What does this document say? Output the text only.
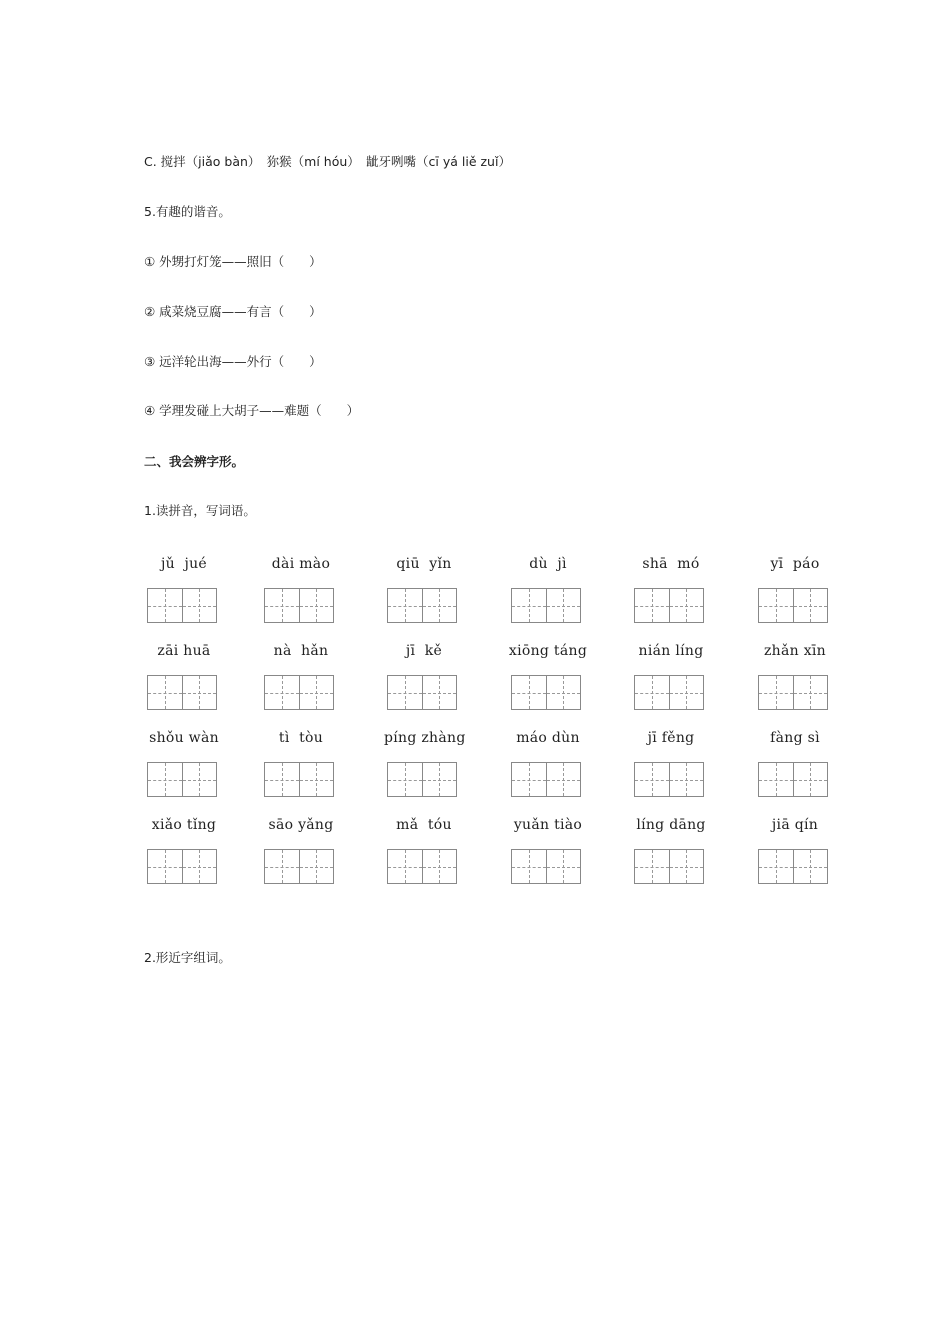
C. 搅拌（jiǎo bàn）　狝猴（mí hóu）　龇牙咧嘴（cī yá liě zuǐ）
5.有趣的谐音。
① 外甥打灯笼——照旧（　　）
② 咸菜烧豆腐——有言（　　）
③ 远洋轮出海——外行（　　）
④ 学理发碰上大胡子——难题（　　）
二、我会辨字形。
1.读拼音，写词语。
jǔ  jué	dài mào	qiū  yǐn	dù  jì	shā  mó	yī  páo
zāi huā	nà  hǎn	jī  kě	xiōng táng	nián líng	zhǎn xīn
shǒu wàn	tì  tòu	píng zhàng	máo dùn	jī fěng	fàng sì
xiǎo tǐng	sāo yǎng	mǎ  tóu	yuǎn tiào	líng dāng	jiā qín
2.形近字组词。
